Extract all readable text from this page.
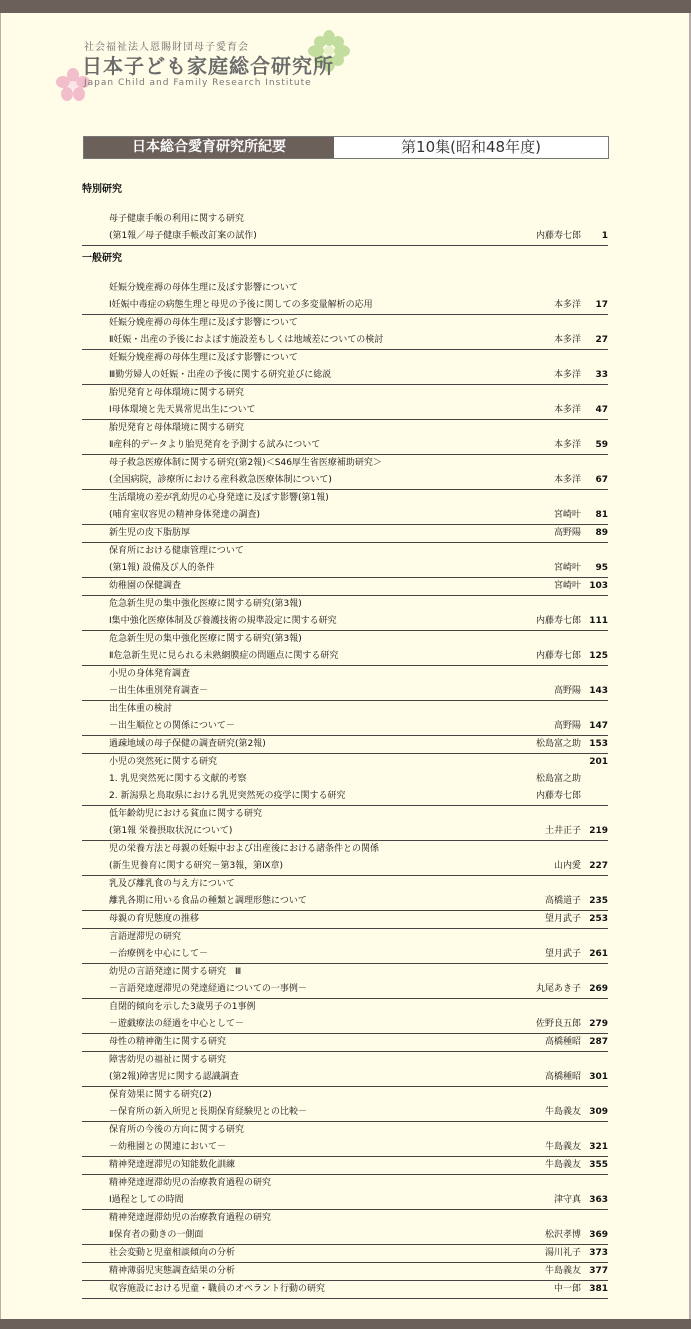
社会福祉法人恩賜財団母子愛育会
日本子ども家庭総合研究所
Japan Child and Family Research Institute
日本総合愛育研究所紀要	第10集(昭和48年度)
特別研究
母子健康手帳の利用に関する研究
(第1報／母子健康手帳改訂案の試作)	内藤寿七郎	1
一般研究
妊娠分娩産褥の母体生理に及ぼす影響について
Ⅰ妊娠中毒症の病態生理と母児の予後に関しての多変量解析の応用	本多洋	17
妊娠分娩産褥の母体生理に及ぼす影響について
Ⅱ妊娠・出産の予後におよぼす施設差もしくは地域差についての検討	本多洋	27
妊娠分娩産褥の母体生理に及ぼす影響について
Ⅲ勤労婦人の妊娠・出産の予後に関する研究並びに総説	本多洋	33
胎児発育と母体環境に関する研究
Ⅰ母体環境と先天異常児出生について	本多洋	47
胎児発育と母体環境に関する研究
Ⅱ産科的データより胎児発育を予測する試みについて	本多洋	59
母子救急医療体制に関する研究(第2報)＜S46厚生省医療補助研究＞
(全国病院，診療所における産科救急医療体制について)	本多洋	67
生活環境の差が乳幼児の心身発達に及ぼす影響(第1報)
(哺育室収容児の精神身体発達の調査)	宮崎叶	81
新生児の皮下脂肪厚	高野陽	89
保育所における健康管理について
(第1報) 設備及び人的条件	宮崎叶	95
幼稚園の保健調査	宮崎叶 103
危急新生児の集中強化医療に関する研究(第3報)
Ⅰ集中強化医療体制及び養護技術の規準設定に関する研究	内藤寿七郎 111
危急新生児の集中強化医療に関する研究(第3報)
Ⅱ危急新生児に見られる未熟網膜症の問題点に関する研究	内藤寿七郎 125
小児の身体発育調査
－出生体重別発育調査－	高野陽 143
出生体重の検討
－出生順位との関係について－	高野陽 147
過疎地域の母子保健の調査研究(第2報)	松島富之助 153
小児の突然死に関する研究	201
1. 乳児突然死に関する文献的考察	松島富之助
2. 新潟県と鳥取県における乳児突然死の疫学に関する研究	内藤寿七郎
低年齢幼児における貧血に関する研究
(第1報 栄養摂取状況について)	土井正子 219
児の栄養方法と母親の妊娠中および出産後における諸条件との関係
(新生児養育に関する研究－第3報，第Ⅸ章)	山内愛 227
乳及び離乳食の与え方について
離乳各期に用いる食品の種類と調理形態について	高橋道子 235
母親の育児態度の推移	望月武子 253
言語遅滞児の研究
－治療例を中心にして－	望月武子 261
幼児の言語発達に関する研究　Ⅲ
－言語発達遅滞児の発達経過についての一事例－	丸尾あき子 269
自閉的傾向を示した3歳男子の1事例
－遊戯療法の経過を中心として－	佐野良五郎 279
母性の精神衛生に関する研究	高橋種昭 287
障害幼児の福祉に関する研究
(第2報)障害児に関する認識調査	高橋種昭 301
保育効果に関する研究(2)
－保育所の新入所児と長期保育経験児との比較－	牛島義友 309
保育所の今後の方向に関する研究
－幼稚園との関連において－	牛島義友 321
精神発達遅滞児の知能数化訓練	牛島義友 355
精神発達遅滞幼児の治療教育過程の研究
Ⅰ過程としての時間	津守真 363
精神発達遅滞幼児の治療教育過程の研究
Ⅱ保育者の動きの一側面	松沢孝博 369
社会変動と児童相談傾向の分析	湯川礼子 373
精神薄弱児実態調査結果の分析	牛島義友 377
収容施設における児童・職員のオペラント行動の研究	中一郎 381
